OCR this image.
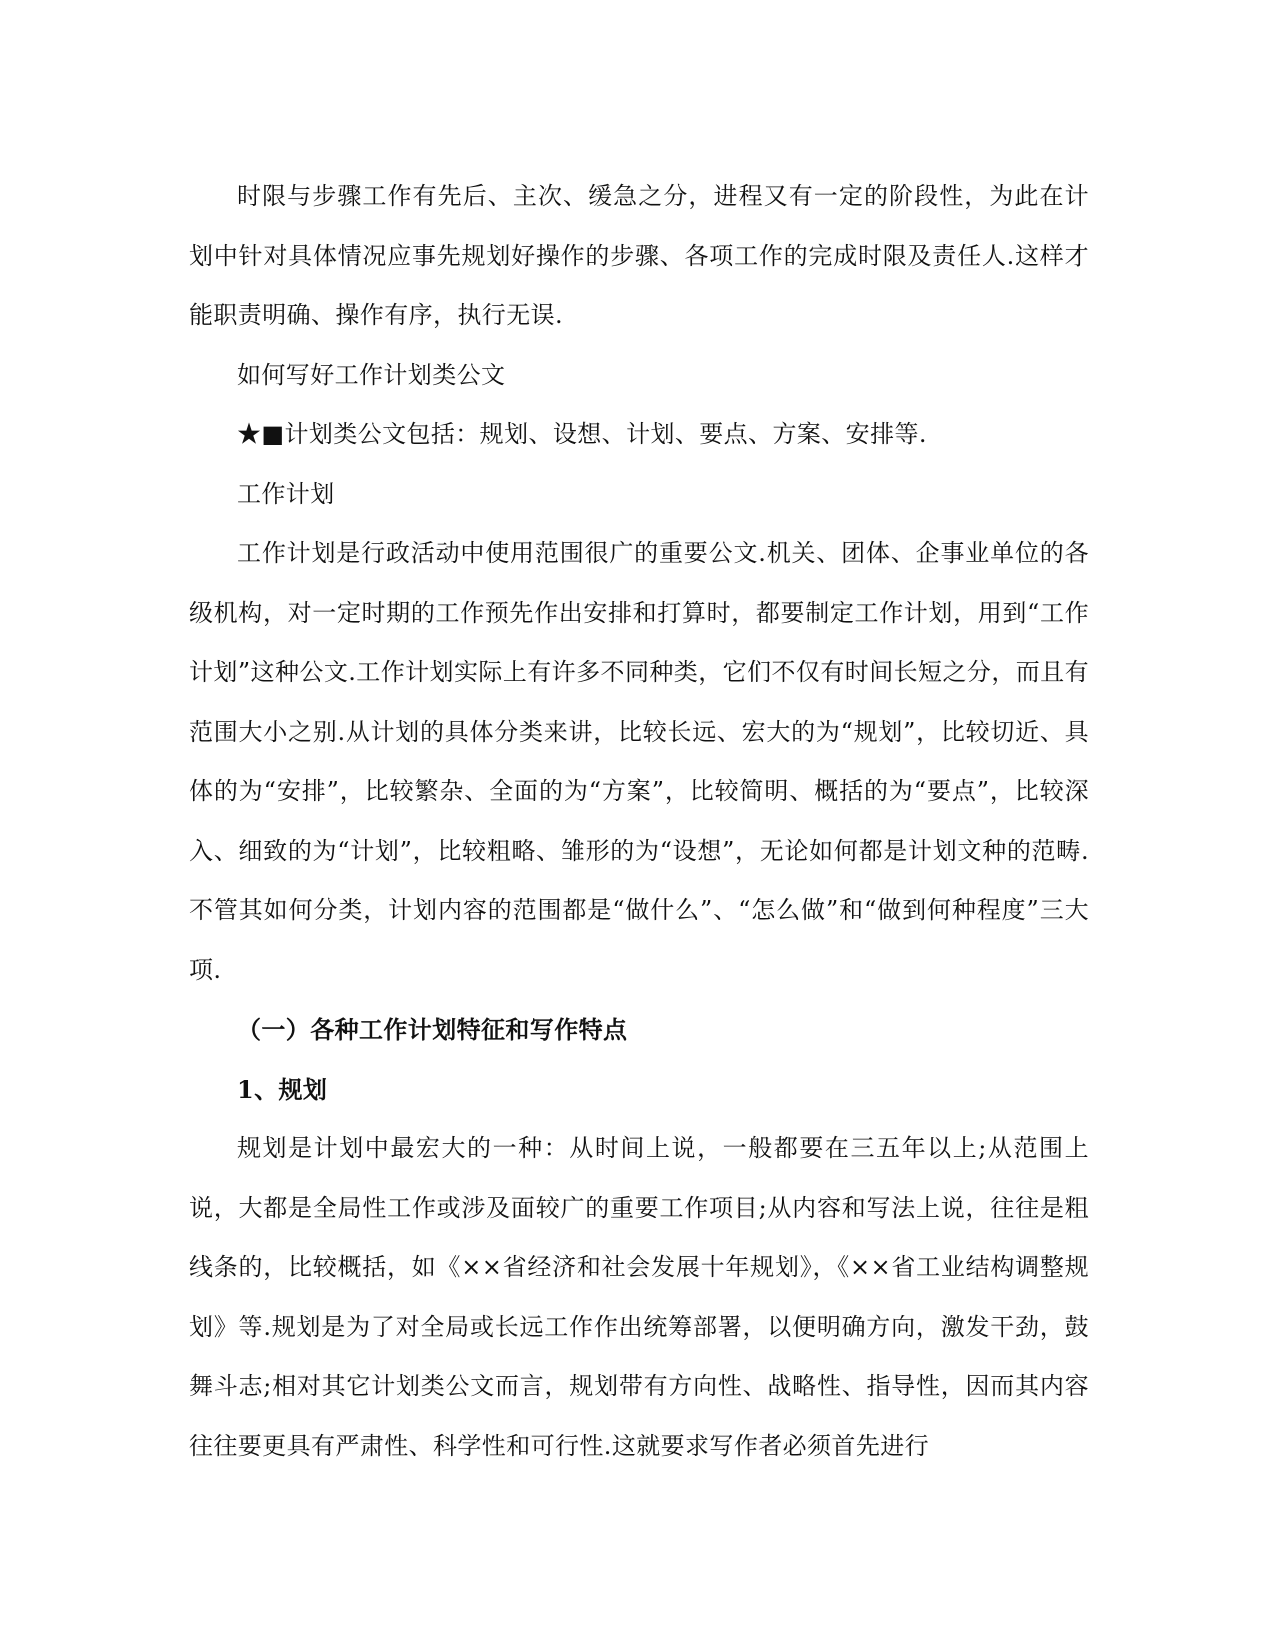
时限与步骤工作有先后、主次、缓急之分，进程又有一定的阶段性，为此在计划中针对具体情况应事先规划好操作的步骤、各项工作的完成时限及责任人.这样才能职责明确、操作有序，执行无误.

如何写好工作计划类公文

★■计划类公文包括：规划、设想、计划、要点、方案、安排等.

工作计划

工作计划是行政活动中使用范围很广的重要公文.机关、团体、企事业单位的各级机构，对一定时期的工作预先作出安排和打算时，都要制定工作计划，用到“工作计划”这种公文.工作计划实际上有许多不同种类，它们不仅有时间长短之分，而且有范围大小之别.从计划的具体分类来讲，比较长远、宏大的为“规划”，比较切近、具体的为“安排”，比较繁杂、全面的为“方案”，比较简明、概括的为“要点”，比较深入、细致的为“计划”，比较粗略、雏形的为“设想”，无论如何都是计划文种的范畴.不管其如何分类，计划内容的范围都是“做什么”、“怎么做”和“做到何种程度”三大项.

（一）各种工作计划特征和写作特点

1、规划

规划是计划中最宏大的一种：从时间上说，一般都要在三五年以上;从范围上说，大都是全局性工作或涉及面较广的重要工作项目;从内容和写法上说，往往是粗线条的，比较概括，如《××省经济和社会发展十年规划》，《××省工业结构调整规划》等.规划是为了对全局或长远工作作出统筹部署，以便明确方向，激发干劲，鼓舞斗志;相对其它计划类公文而言，规划带有方向性、战略性、指导性，因而其内容往往要更具有严肃性、科学性和可行性.这就要求写作者必须首先进行
